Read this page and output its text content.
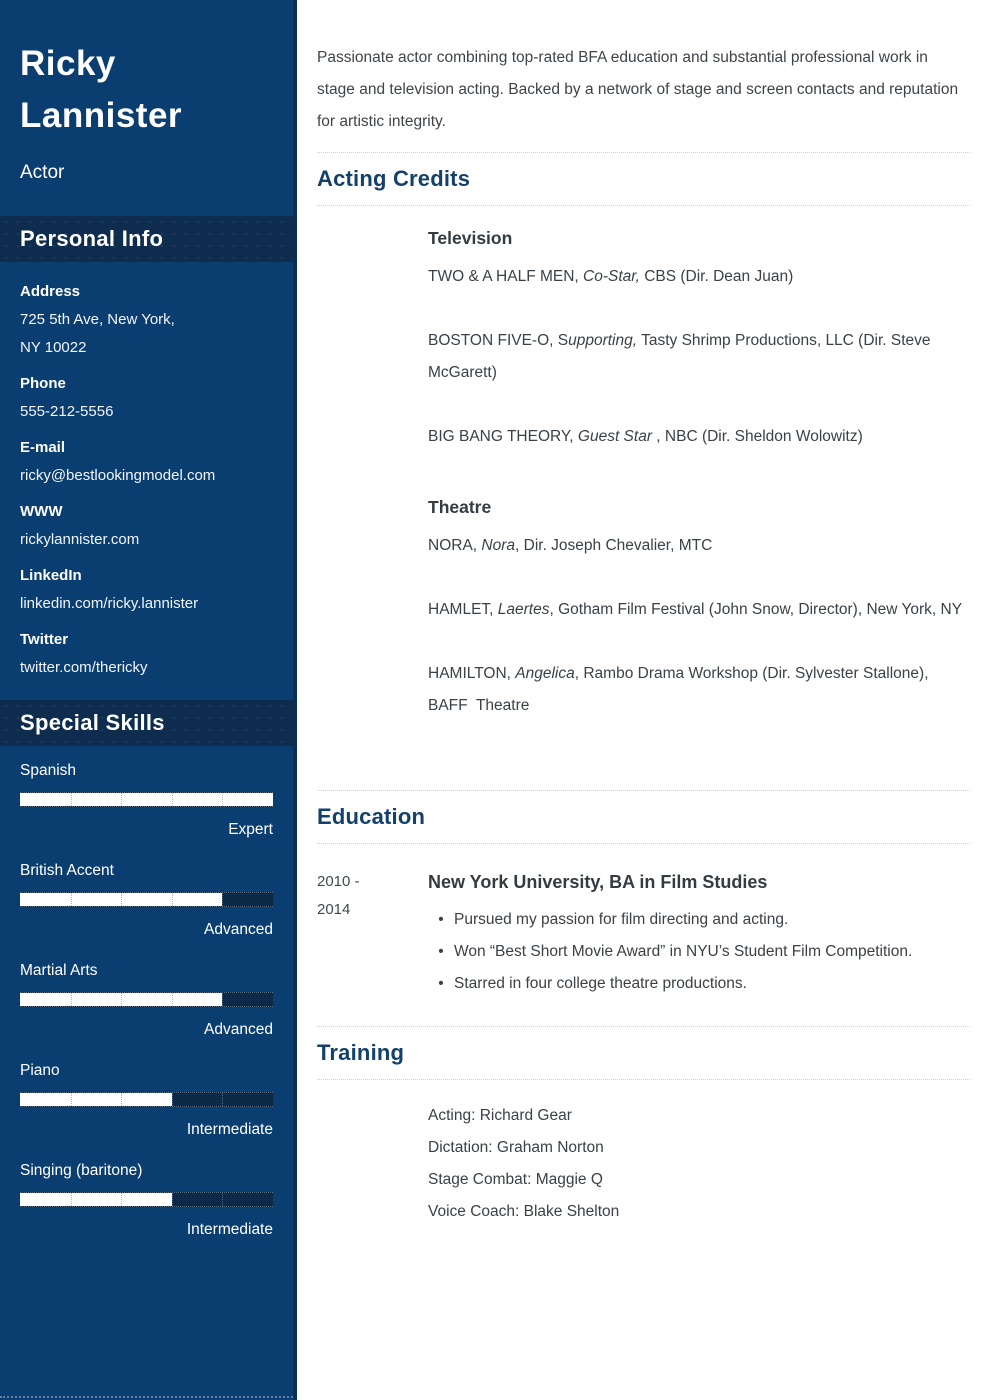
Ricky Lannister
Actor
Personal Info
Address
725 5th Ave, New York,
NY 10022
Phone
555-212-5556
E-mail
ricky@bestlookingmodel.com
WWW
rickylannister.com
LinkedIn
linkedin.com/ricky.lannister
Twitter
twitter.com/thericky
Special Skills
Spanish
Expert
British Accent
Advanced
Martial Arts
Advanced
Piano
Intermediate
Singing (baritone)
Intermediate

Passionate actor combining top-rated BFA education and substantial professional work in stage and television acting. Backed by a network of stage and screen contacts and reputation for artistic integrity.

Acting Credits
Television

TWO & A HALF MEN, Co-Star, CBS (Dir. Dean Juan)

BOSTON FIVE-O, Supporting, Tasty Shrimp Productions, LLC (Dir. Steve McGarett)

BIG BANG THEORY, Guest Star , NBC (Dir. Sheldon Wolowitz)

Theatre

NORA, Nora, Dir. Joseph Chevalier, MTC

HAMLET, Laertes, Gotham Film Festival (John Snow, Director), New York, NY

HAMILTON, Angelica, Rambo Drama Workshop (Dir. Sylvester Stallone), BAFF  Theatre

Education
2010 -
2014
New York University, BA in Film Studies
• Pursued my passion for film directing and acting.
• Won “Best Short Movie Award” in NYU’s Student Film Competition.
• Starred in four college theatre productions.
Training
Acting: Richard Gear
Dictation: Graham Norton
Stage Combat: Maggie Q
Voice Coach: Blake Shelton
